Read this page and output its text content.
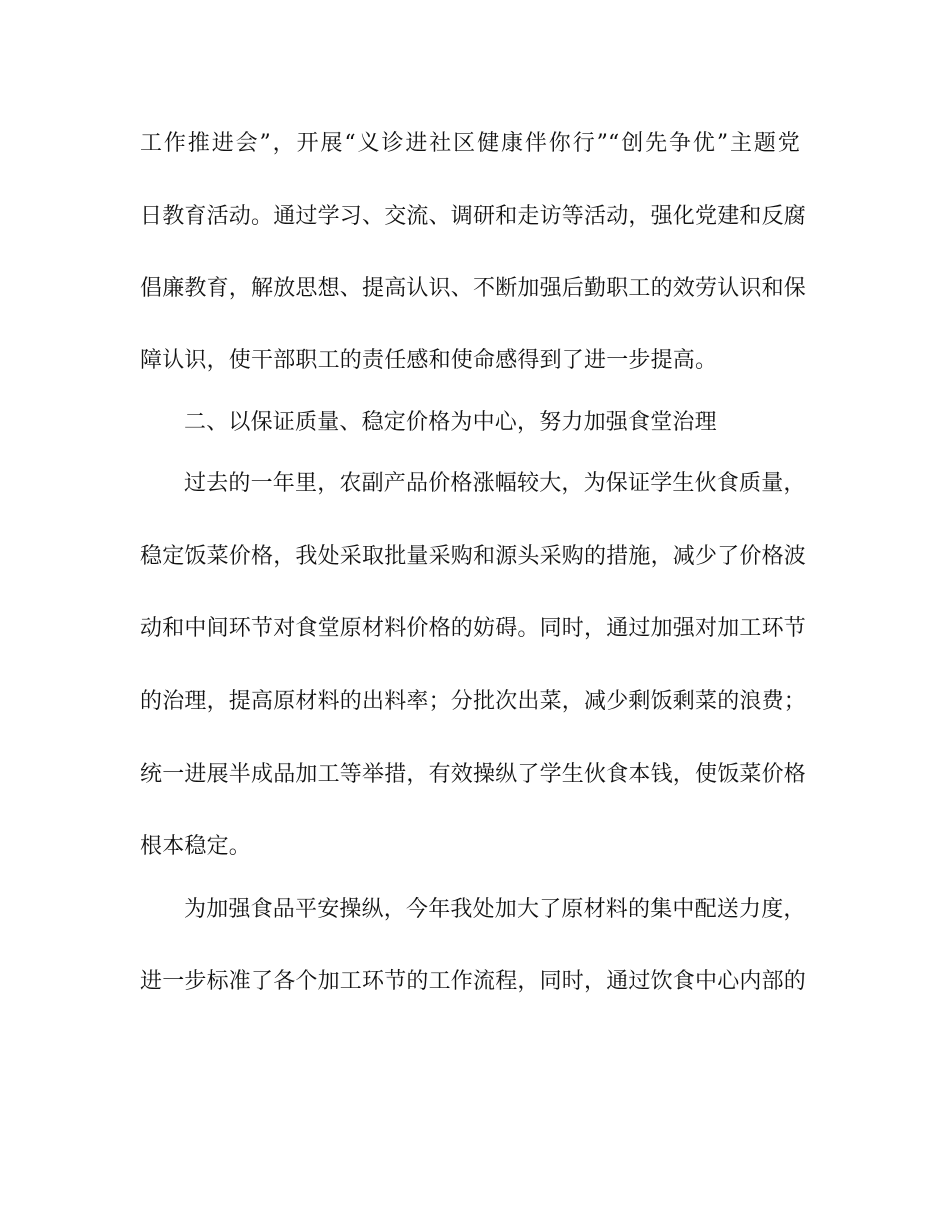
工作推进会”，开展“义诊进社区健康伴你行”“创先争优”主题党
日教育活动。通过学习、交流、调研和走访等活动，强化党建和反腐
倡廉教育，解放思想、提高认识、不断加强后勤职工的效劳认识和保
障认识，使干部职工的责任感和使命感得到了进一步提高。
二、以保证质量、稳定价格为中心，努力加强食堂治理
过去的一年里，农副产品价格涨幅较大，为保证学生伙食质量，
稳定饭菜价格，我处采取批量采购和源头采购的措施，减少了价格波
动和中间环节对食堂原材料价格的妨碍。同时，通过加强对加工环节
的治理，提高原材料的出料率；分批次出菜，减少剩饭剩菜的浪费；
统一进展半成品加工等举措，有效操纵了学生伙食本钱，使饭菜价格
根本稳定。
为加强食品平安操纵，今年我处加大了原材料的集中配送力度，
进一步标准了各个加工环节的工作流程，同时，通过饮食中心内部的
